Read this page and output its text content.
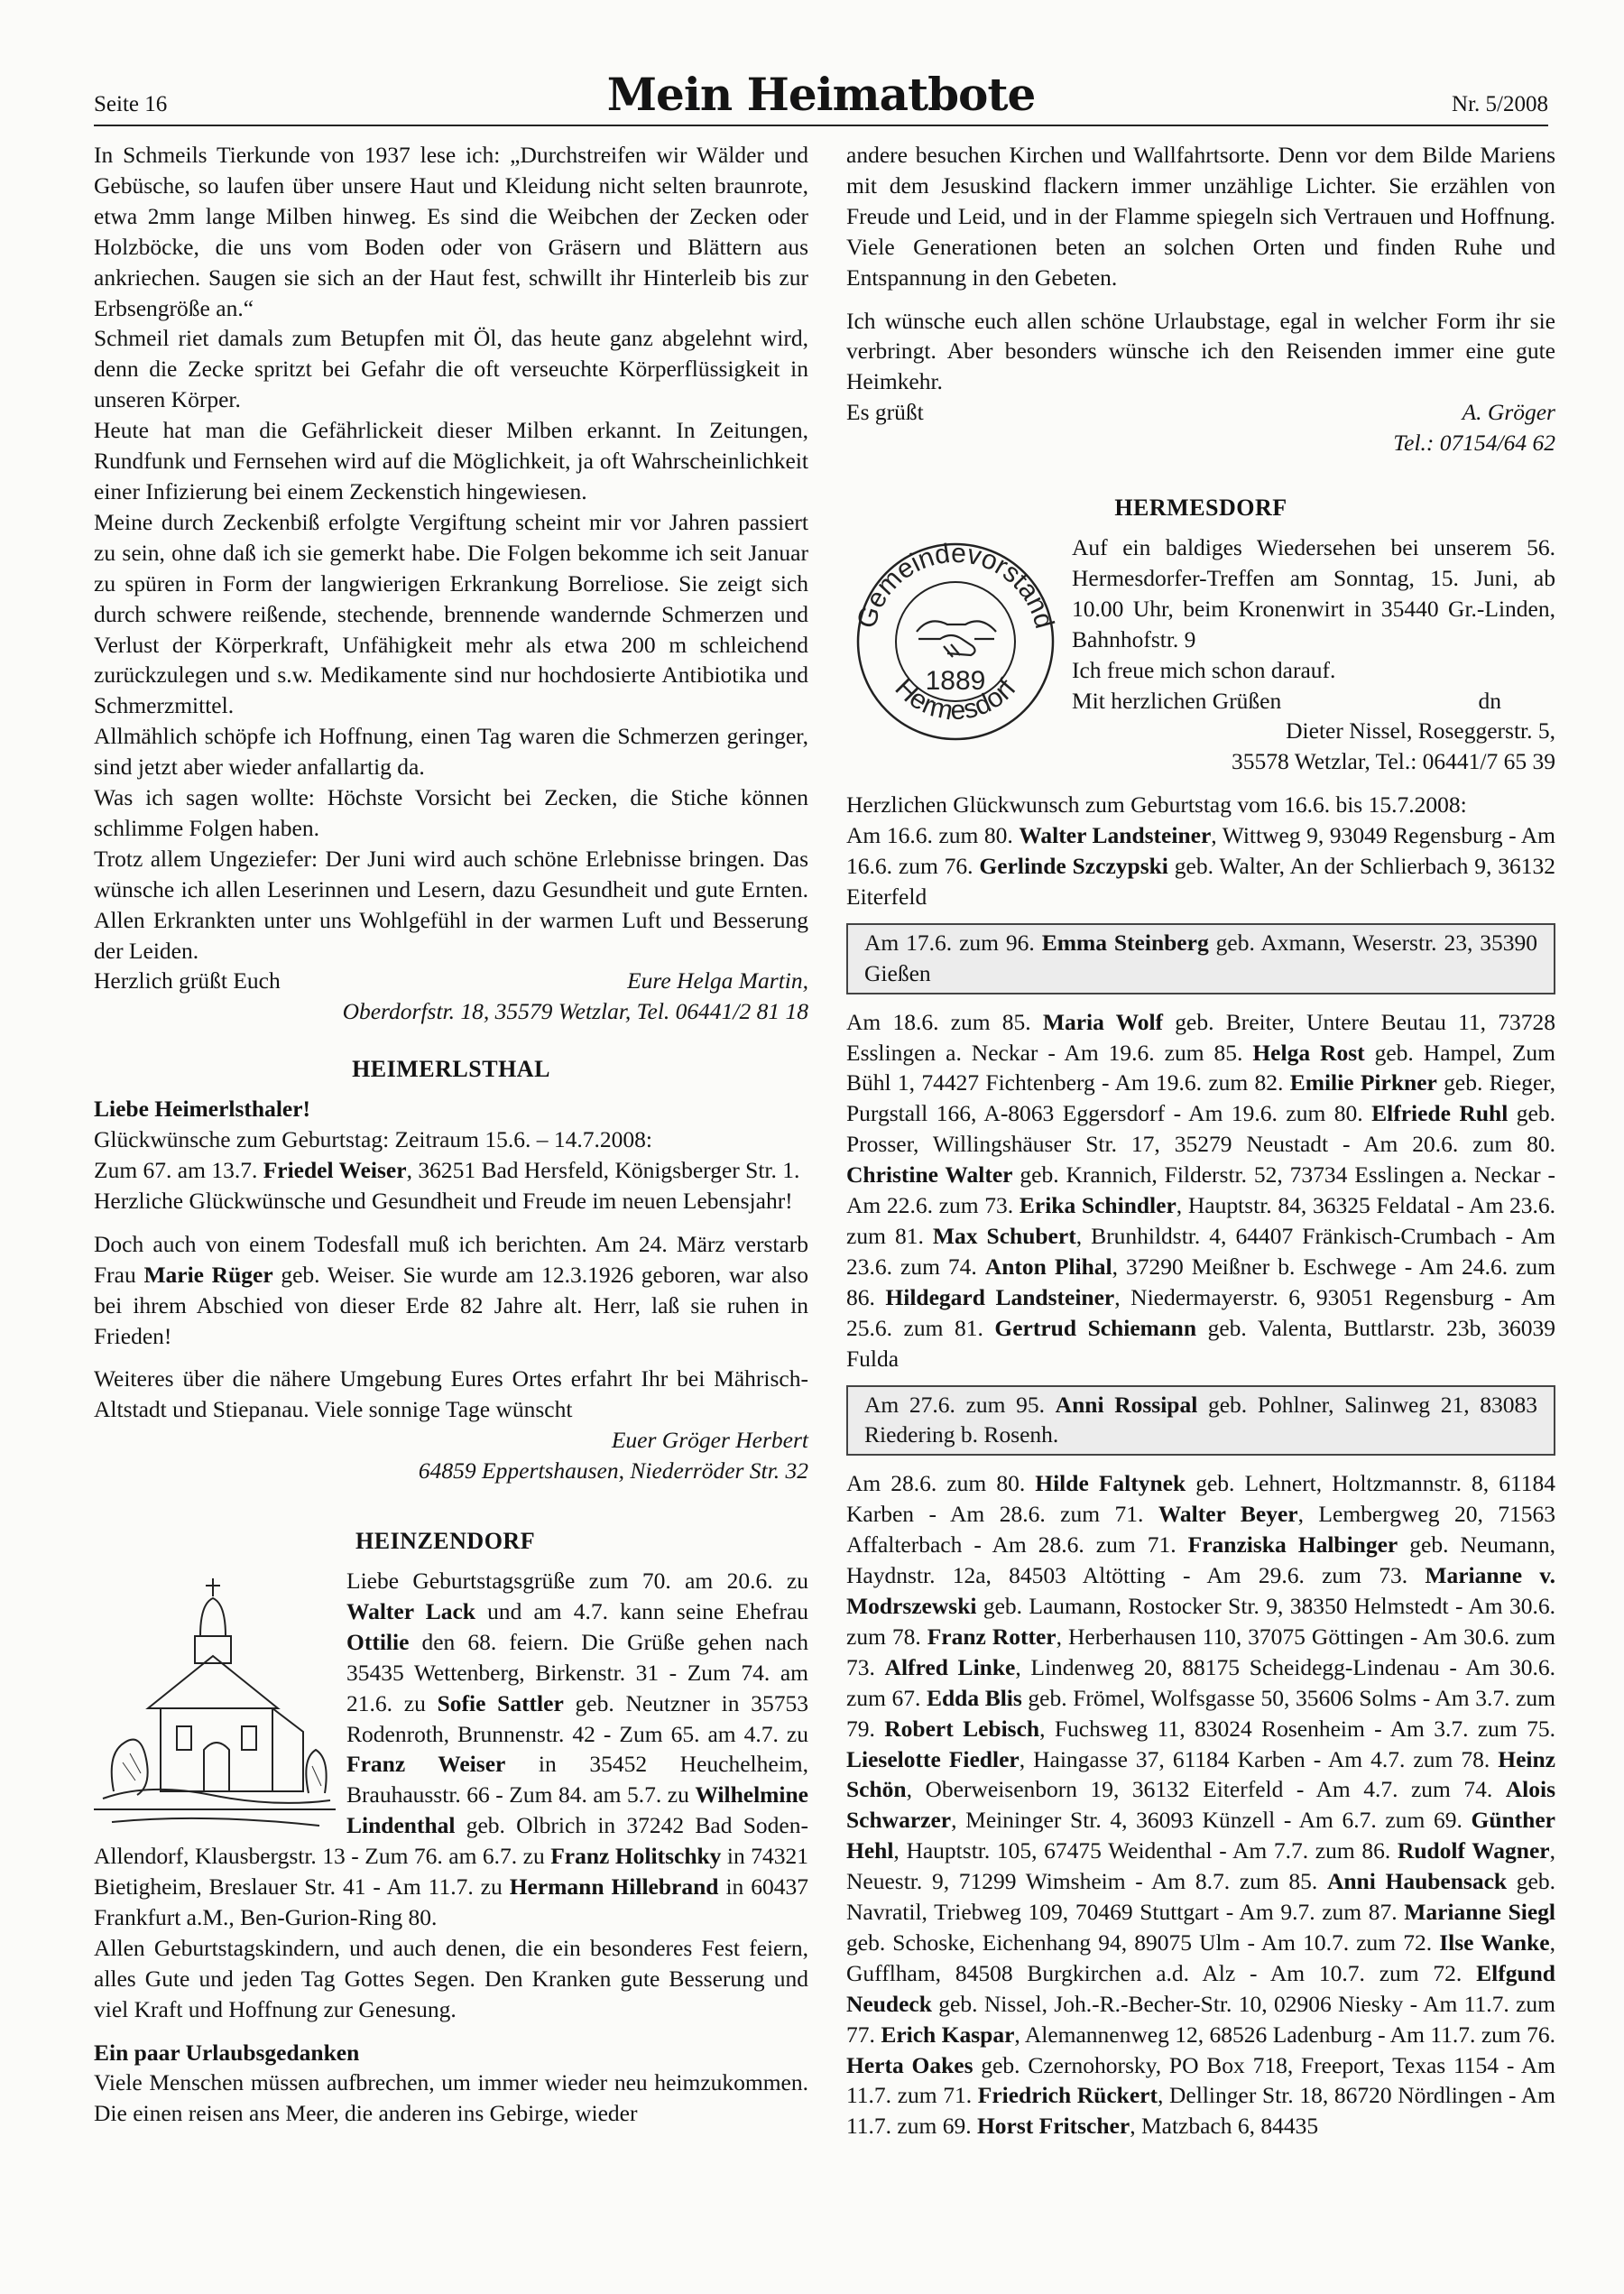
Seite 16	Mein Heimatbote	Nr. 5/2008

In Schmeils Tierkunde von 1937 lese ich: „Durchstreifen wir Wälder und Gebüsche, so laufen über unsere Haut und Kleidung nicht selten braunrote, etwa 2mm lange Milben hinweg. Es sind die Weibchen der Zecken oder Holzböcke, die uns vom Boden oder von Gräsern und Blättern aus ankriechen. Saugen sie sich an der Haut fest, schwillt ihr Hinterleib bis zur Erbsengröße an.“

Schmeil riet damals zum Betupfen mit Öl, das heute ganz abgelehnt wird, denn die Zecke spritzt bei Gefahr die oft verseuchte Körperflüssigkeit in unseren Körper.

Heute hat man die Gefährlickeit dieser Milben erkannt. In Zeitungen, Rundfunk und Fernsehen wird auf die Möglichkeit, ja oft Wahrscheinlichkeit einer Infizierung bei einem Zeckenstich hingewiesen.

Meine durch Zeckenbiß erfolgte Vergiftung scheint mir vor Jahren passiert zu sein, ohne daß ich sie gemerkt habe. Die Folgen bekomme ich seit Januar zu spüren in Form der langwierigen Erkrankung Borreliose. Sie zeigt sich durch schwere reißende, stechende, brennende wandernde Schmerzen und Verlust der Körperkraft, Unfähigkeit mehr als etwa 200 m schleichend zurückzulegen und s.w. Medikamente sind nur hochdosierte Antibiotika und Schmerzmittel.

Allmählich schöpfe ich Hoffnung, einen Tag waren die Schmerzen geringer, sind jetzt aber wieder anfallartig da.

Was ich sagen wollte: Höchste Vorsicht bei Zecken, die Stiche können schlimme Folgen haben.

Trotz allem Ungeziefer: Der Juni wird auch schöne Erlebnisse bringen. Das wünsche ich allen Leserinnen und Lesern, dazu Gesundheit und gute Ernten. Allen Erkrankten unter uns Wohlgefühl in der warmen Luft und Besserung der Leiden.

Herzlich grüßt Euch	Eure Helga Martin,

Oberdorfstr. 18, 35579 Wetzlar, Tel. 06441/2 81 18

HEIMERLSTHAL

Liebe Heimerlsthaler!

Glückwünsche zum Geburtstag: Zeitraum 15.6. – 14.7.2008:

Zum 67. am 13.7. Friedel Weiser, 36251 Bad Hersfeld, Königsberger Str. 1.

Herzliche Glückwünsche und Gesundheit und Freude im neuen Lebensjahr!

Doch auch von einem Todesfall muß ich berichten. Am 24. März verstarb Frau Marie Rüger geb. Weiser. Sie wurde am 12.3.1926 geboren, war also bei ihrem Abschied von dieser Erde 82 Jahre alt. Herr, laß sie ruhen in Frieden!

Weiteres über die nähere Umgebung Eures Ortes erfahrt Ihr bei Mährisch-Altstadt und Stiepanau. Viele sonnige Tage wünscht

Euer Gröger Herbert

64859 Eppertshausen, Niederröder Str. 32

HEINZENDORF

Liebe Geburtstagsgrüße zum 70. am 20.6. zu Walter Lack und am 4.7. kann seine Ehefrau Ottilie den 68. feiern. Die Grüße gehen nach 35435 Wettenberg, Birkenstr. 31 - Zum 74. am 21.6. zu Sofie Sattler geb. Neutzner in 35753 Rodenroth, Brunnenstr. 42 - Zum 65. am 4.7. zu Franz Weiser in 35452 Heuchelheim, Brauhausstr. 66 - Zum 84. am 5.7. zu Wilhelmine Lindenthal geb. Olbrich in 37242 Bad Soden-Allendorf, Klausbergstr. 13 - Zum 76. am 6.7. zu Franz Holitschky in 74321 Bietigheim, Breslauer Str. 41 - Am 11.7. zu Hermann Hillebrand in 60437 Frankfurt a.M., Ben-Gurion-Ring 80.

Allen Geburtstagskindern, und auch denen, die ein besonderes Fest feiern, alles Gute und jeden Tag Gottes Segen. Den Kranken gute Besserung und viel Kraft und Hoffnung zur Genesung.

Ein paar Urlaubsgedanken

Viele Menschen müssen aufbrechen, um immer wieder neu heimzukommen. Die einen reisen ans Meer, die anderen ins Gebirge, wieder

andere besuchen Kirchen und Wallfahrtsorte. Denn vor dem Bilde Mariens mit dem Jesuskind flackern immer unzählige Lichter. Sie erzählen von Freude und Leid, und in der Flamme spiegeln sich Vertrauen und Hoffnung. Viele Generationen beten an solchen Orten und finden Ruhe und Entspannung in den Gebeten.

Ich wünsche euch allen schöne Urlaubstage, egal in welcher Form ihr sie verbringt. Aber besonders wünsche ich den Reisenden immer eine gute Heimkehr.

Es grüßt	A. Gröger

Tel.: 07154/64 62

HERMESDORF
Gemeindevorstand
Hermesdorf
1889

Auf ein baldiges Wiedersehen bei unserem 56. Hermesdorfer-Treffen am Sonntag, 15. Juni, ab 10.00 Uhr, beim Kronenwirt in 35440 Gr.-Linden, Bahnhofstr. 9

Ich freue mich schon darauf.

Mit herzlichen Grüßen	dn

Dieter Nissel, Roseggerstr. 5,

35578 Wetzlar, Tel.: 06441/7 65 39

Herzlichen Glückwunsch zum Geburtstag vom 16.6. bis 15.7.2008:

Am 16.6. zum 80. Walter Landsteiner, Wittweg 9, 93049 Regensburg - Am 16.6. zum 76. Gerlinde Szczypski geb. Walter, An der Schlierbach 9, 36132 Eiterfeld

Am 17.6. zum 96. Emma Steinberg geb. Axmann, Weserstr. 23, 35390 Gießen

Am 18.6. zum 85. Maria Wolf geb. Breiter, Untere Beutau 11, 73728 Esslingen a. Neckar - Am 19.6. zum 85. Helga Rost geb. Hampel, Zum Bühl 1, 74427 Fichtenberg - Am 19.6. zum 82. Emilie Pirkner geb. Rieger, Purgstall 166, A-8063 Eggersdorf - Am 19.6. zum 80. Elfriede Ruhl geb. Prosser, Willingshäuser Str. 17, 35279 Neustadt - Am 20.6. zum 80. Christine Walter geb. Krannich, Filderstr. 52, 73734 Esslingen a. Neckar - Am 22.6. zum 73. Erika Schindler, Hauptstr. 84, 36325 Feldatal - Am 23.6. zum 81. Max Schubert, Brunhildstr. 4, 64407 Fränkisch-Crumbach - Am 23.6. zum 74. Anton Plihal, 37290 Meißner b. Eschwege - Am 24.6. zum 86. Hildegard Landsteiner, Niedermayerstr. 6, 93051 Regensburg - Am 25.6. zum 81. Gertrud Schiemann geb. Valenta, Buttlarstr. 23b, 36039 Fulda

Am 27.6. zum 95. Anni Rossipal geb. Pohlner, Salinweg 21, 83083 Riedering b. Rosenh.

Am 28.6. zum 80. Hilde Faltynek geb. Lehnert, Holtzmannstr. 8, 61184 Karben - Am 28.6. zum 71. Walter Beyer, Lembergweg 20, 71563 Affalterbach - Am 28.6. zum 71. Franziska Halbinger geb. Neumann, Haydnstr. 12a, 84503 Altötting - Am 29.6. zum 73. Marianne v. Modrszewski geb. Laumann, Rostocker Str. 9, 38350 Helmstedt - Am 30.6. zum 78. Franz Rotter, Herberhausen 110, 37075 Göttingen - Am 30.6. zum 73. Alfred Linke, Lindenweg 20, 88175 Scheidegg-Lindenau - Am 30.6. zum 67. Edda Blis geb. Frömel, Wolfsgasse 50, 35606 Solms - Am 3.7. zum 79. Robert Lebisch, Fuchsweg 11, 83024 Rosenheim - Am 3.7. zum 75. Lieselotte Fiedler, Haingasse 37, 61184 Karben - Am 4.7. zum 78. Heinz Schön, Oberweisenborn 19, 36132 Eiterfeld - Am 4.7. zum 74. Alois Schwarzer, Meininger Str. 4, 36093 Künzell - Am 6.7. zum 69. Günther Hehl, Hauptstr. 105, 67475 Weidenthal - Am 7.7. zum 86. Rudolf Wagner, Neuestr. 9, 71299 Wimsheim - Am 8.7. zum 85. Anni Haubensack geb. Navratil, Triebweg 109, 70469 Stuttgart - Am 9.7. zum 87. Marianne Siegl geb. Schoske, Eichenhang 94, 89075 Ulm - Am 10.7. zum 72. Ilse Wanke, Gufflham, 84508 Burgkirchen a.d. Alz - Am 10.7. zum 72. Elfgund Neudeck geb. Nissel, Joh.-R.-Becher-Str. 10, 02906 Niesky - Am 11.7. zum 77. Erich Kaspar, Alemannenweg 12, 68526 Ladenburg - Am 11.7. zum 76. Herta Oakes geb. Czernohorsky, PO Box 718, Freeport, Texas 1154 - Am 11.7. zum 71. Friedrich Rückert, Dellinger Str. 18, 86720 Nördlingen - Am 11.7. zum 69. Horst Fritscher, Matzbach 6, 84435
